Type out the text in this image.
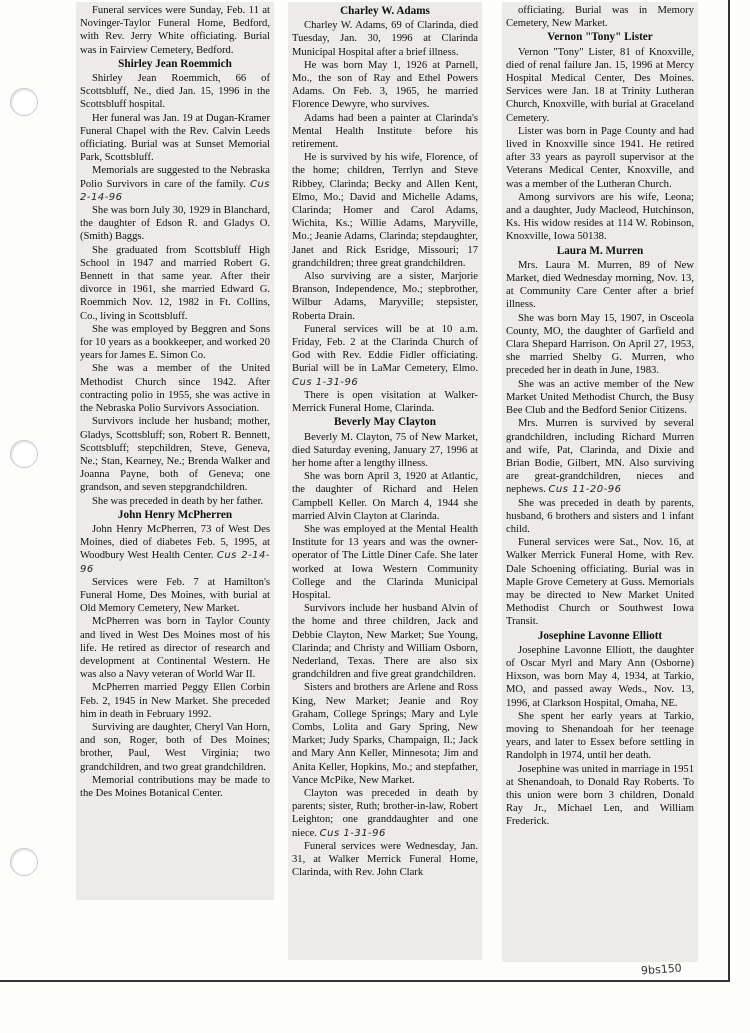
Funeral services were Sunday, Feb. 11 at Novinger-Taylor Funeral Home, Bedford, with Rev. Jerry White officiating. Burial was in Fairview Cemetery, Bedford.

Shirley Jean Roemmich

Shirley Jean Roemmich, 66 of Scottsbluff, Ne., died Jan. 15, 1996 in the Scottsbluff hospital.

Her funeral was Jan. 19 at Dugan-Kramer Funeral Chapel with the Rev. Calvin Leeds officiating. Burial was at Sunset Memorial Park, Scottsbluff.

Memorials are suggested to the Nebraska Polio Survivors in care of the family. Cus 2-14-96

She was born July 30, 1929 in Blanchard, the daughter of Edson R. and Gladys O. (Smith) Baggs.

She graduated from Scottsbluff High School in 1947 and married Robert G. Bennett in that same year. After their divorce in 1961, she married Edward G. Roemmich Nov. 12, 1982 in Ft. Collins, Co., living in Scottsbluff.

She was employed by Beggren and Sons for 10 years as a bookkeeper, and worked 20 years for James E. Simon Co.

She was a member of the United Methodist Church since 1942. After contracting polio in 1955, she was active in the Nebraska Polio Survivors Association.

Survivors include her husband; mother, Gladys, Scottsbluff; son, Robert R. Bennett, Scottsbluff; stepchildren, Steve, Geneva, Ne.; Stan, Kearney, Ne.; Brenda Walker and Joanna Payne, both of Geneva; one grandson, and seven stepgrandchildren.

She was preceded in death by her father.

John Henry McPherren

John Henry McPherren, 73 of West Des Moines, died of diabetes Feb. 5, 1995, at Woodbury West Health Center. Cus 2-14-96

Services were Feb. 7 at Hamilton's Funeral Home, Des Moines, with burial at Old Memory Cemetery, New Market.

McPherren was born in Taylor County and lived in West Des Moines most of his life. He retired as director of research and development at Continental Western. He was also a Navy veteran of World War II.

McPherren married Peggy Ellen Corbin Feb. 2, 1945 in New Market. She preceded him in death in February 1992.

Surviving are daughter, Cheryl Van Horn, and son, Roger, both of Des Moines; brother, Paul, West Virginia; two grandchildren, and two great grandchildren.

Memorial contributions may be made to the Des Moines Botanical Center.

Charley W. Adams

Charley W. Adams, 69 of Clarinda, died Tuesday, Jan. 30, 1996 at Clarinda Municipal Hospital after a brief illness.

He was born May 1, 1926 at Parnell, Mo., the son of Ray and Ethel Powers Adams. On Feb. 3, 1965, he married Florence Dewyre, who survives.

Adams had been a painter at Clarinda's Mental Health Institute before his retirement.

He is survived by his wife, Florence, of the home; children, Terrlyn and Steve Ribbey, Clarinda; Becky and Allen Kent, Elmo, Mo.; David and Michelle Adams, Clarinda; Homer and Carol Adams, Wichita, Ks.; Willie Adams, Maryville, Mo.; Jeanie Adams, Clarinda; stepdaughter, Janet and Rick Esridge, Missouri; 17 grandchildren; three great grandchildren.

Also surviving are a sister, Marjorie Branson, Independence, Mo.; stepbrother, Wilbur Adams, Maryville; stepsister, Roberta Drain.

Funeral services will be at 10 a.m. Friday, Feb. 2 at the Clarinda Church of God with Rev. Eddie Fidler officiating. Burial will be in LaMar Cemetery, Elmo. Cus 1-31-96

There is open visitation at Walker-Merrick Funeral Home, Clarinda.

Beverly May Clayton

Beverly M. Clayton, 75 of New Market, died Saturday evening, January 27, 1996 at her home after a lengthy illness.

She was born April 3, 1920 at Atlantic, the daughter of Richard and Helen Campbell Keller. On March 4, 1944 she married Alvin Clayton at Clarinda.

She was employed at the Mental Health Institute for 13 years and was the owner-operator of The Little Diner Cafe. She later worked at Iowa Western Community College and the Clarinda Municipal Hospital.

Survivors include her husband Alvin of the home and three children, Jack and Debbie Clayton, New Market; Sue Young, Clarinda; and Christy and William Osborn, Nederland, Texas. There are also six grandchildren and five great grandchildren.

Sisters and brothers are Arlene and Ross King, New Market; Jeanie and Roy Graham, College Springs; Mary and Lyle Combs, Lolita and Gary Spring, New Market; Judy Sparks, Champaign, Il.; Jack and Mary Ann Keller, Minnesota; Jim and Anita Keller, Hopkins, Mo.; and stepfather, Vance McPike, New Market.

Clayton was preceded in death by parents; sister, Ruth; brother-in-law, Robert Leighton; one granddaughter and one niece. Cus 1-31-96

Funeral services were Wednesday, Jan. 31, at Walker Merrick Funeral Home, Clarinda, with Rev. John Clark

officiating. Burial was in Memory Cemetery, New Market.

Vernon "Tony" Lister

Vernon "Tony" Lister, 81 of Knoxville, died of renal failure Jan. 15, 1996 at Mercy Hospital Medical Center, Des Moines. Services were Jan. 18 at Trinity Lutheran Church, Knoxville, with burial at Graceland Cemetery.

Lister was born in Page County and had lived in Knoxville since 1941. He retired after 33 years as payroll supervisor at the Veterans Medical Center, Knoxville, and was a member of the Lutheran Church.

Among survivors are his wife, Leona; and a daughter, Judy Macleod, Hutchinson, Ks. His widow resides at 114 W. Robinson, Knoxville, Iowa 50138.

Laura M. Murren

Mrs. Laura M. Murren, 89 of New Market, died Wednesday morning, Nov. 13, at Community Care Center after a brief illness.

She was born May 15, 1907, in Osceola County, MO, the daughter of Garfield and Clara Shepard Harrison. On April 27, 1953, she married Shelby G. Murren, who preceded her in death in June, 1983.

She was an active member of the New Market United Methodist Church, the Busy Bee Club and the Bedford Senior Citizens.

Mrs. Murren is survived by several grandchildren, including Richard Murren and wife, Pat, Clarinda, and Dixie and Brian Bodie, Gilbert, MN. Also surviving are great-grandchildren, nieces and nephews. Cus 11-20-96

She was preceded in death by parents, husband, 6 brothers and sisters and 1 infant child.

Funeral services were Sat., Nov. 16, at Walker Merrick Funeral Home, with Rev. Dale Schoening officiating. Burial was in Maple Grove Cemetery at Guss. Memorials may be directed to New Market United Methodist Church or Southwest Iowa Transit.

Josephine Lavonne Elliott

Josephine Lavonne Elliott, the daughter of Oscar Myrl and Mary Ann (Osborne) Hixson, was born May 4, 1934, at Tarkio, MO, and passed away Weds., Nov. 13, 1996, at Clarkson Hospital, Omaha, NE.

She spent her early years at Tarkio, moving to Shenandoah for her teenage years, and later to Essex before settling in Randolph in 1974, until her death.

Josephine was united in marriage in 1951 at Shenandoah, to Donald Ray Roberts. To this union were born 3 children, Donald Ray Jr., Michael Len, and William Frederick.

9bs150
